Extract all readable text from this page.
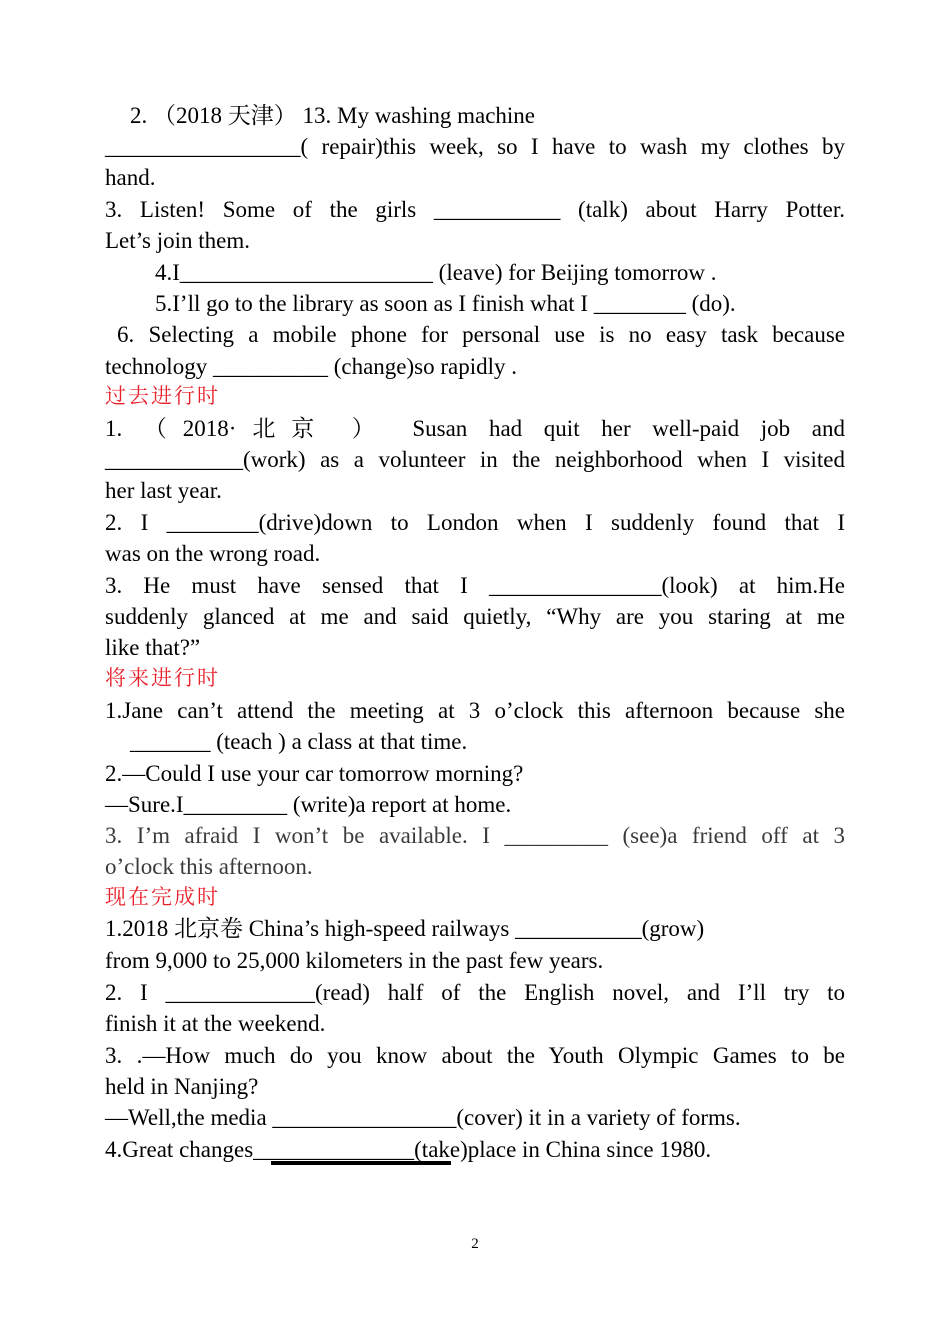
2. （2018 天津） 13. My washing machine
_________________( repair)this week, so I have to wash my clothes by
hand.
3. Listen! Some of the girls ___________ (talk) about Harry Potter.
Let’s join them.
4.I______________________ (leave) for Beijing tomorrow .
5.I’ll go to the library as soon as I finish what I ________ (do).
6. Selecting a mobile phone for personal use is no easy task because
technology __________ (change)so rapidly .
过去进行时
1. （2018·北京 ） Susan had quit her well-paid job and
____________(work) as a volunteer in the neighborhood when I visited
her last year.
2. I ________(drive)down to London when I suddenly found that I
was on the wrong road.
3. He must have sensed that I _______________(look) at him.He
suddenly glanced at me and said quietly, “Why are you staring at me
like that?”
将来进行时
1.Jane can’t attend the meeting at 3 o’clock this afternoon because she
_______ (teach ) a class at that time.
2.—Could I use your car tomorrow morning?
—Sure.I_________ (write)a report at home.
3. I’m afraid I won’t be available. I _________ (see)a friend off at 3
o’clock this afternoon.
现在完成时
1.2018 北京卷 China’s high-speed railways ___________(grow)
from 9,000 to 25,000 kilometers in the past few years.
2. I _____________(read) half of the English novel, and I’ll try to
finish it at the weekend.
3. .—How much do you know about the Youth Olympic Games to be
held in Nanjing?
—Well,the media ________________(cover) it in a variety of forms.
4.Great changes______________(take)place in China since 1980.
2
